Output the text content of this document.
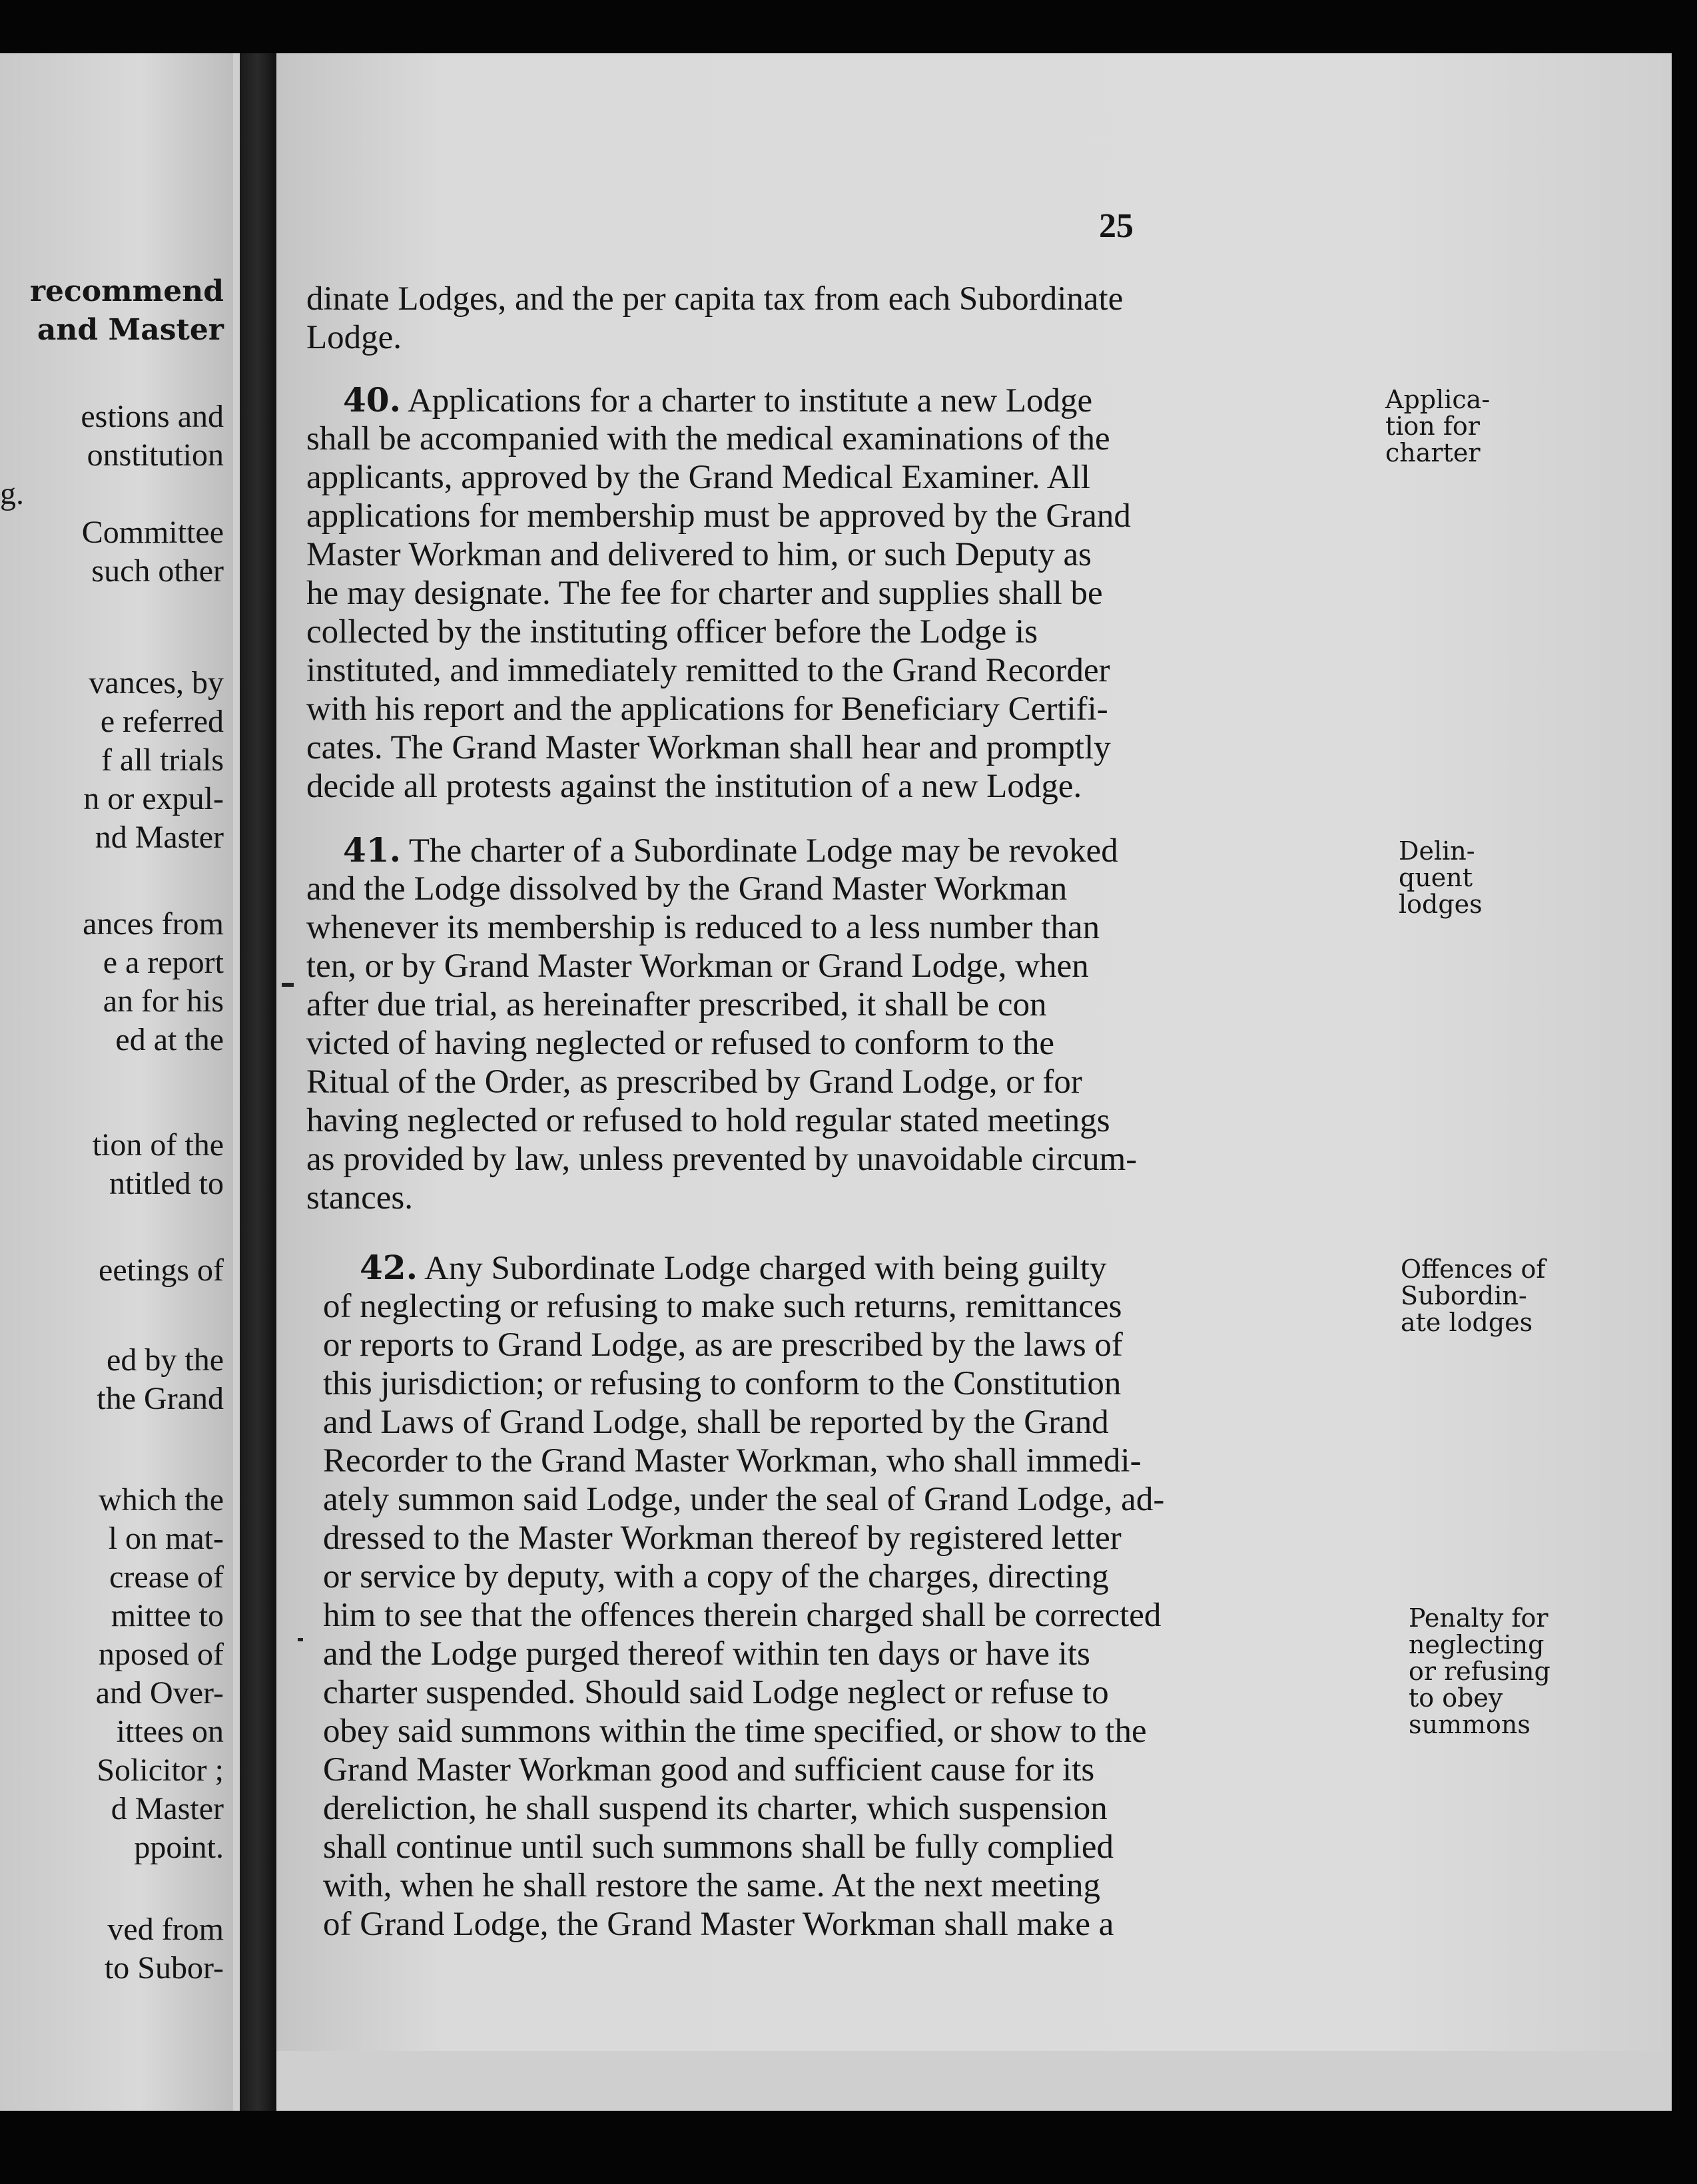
recommend
and Master
estions and
onstitution
g.
Committee
such other
vances, by
e referred
f all trials
n or expul-
nd Master
ances from
e a report
an for his
ed at the
tion of the
ntitled to
eetings of
ed by the
the Grand
which the
l on mat-
crease of
mittee to
nposed of
and Over-
ittees on
Solicitor ;
d Master
ppoint.
ved from
to Subor-
25
dinate Lodges, and the per capita tax from each Subordinate
Lodge.
40. Applications for a charter to institute a new Lodge
shall be accompanied with the medical examinations of the
applicants, approved by the Grand Medical Examiner. All
applications for membership must be approved by the Grand
Master Workman and delivered to him, or such Deputy as
he may designate. The fee for charter and supplies shall be
collected by the instituting officer before the Lodge is
instituted, and immediately remitted to the Grand Recorder
with his report and the applications for Beneficiary Certifi-
cates. The Grand Master Workman shall hear and promptly
decide all protests against the institution of a new Lodge.
Applica-
tion for
charter
41. The charter of a Subordinate Lodge may be revoked
and the Lodge dissolved by the Grand Master Workman
whenever its membership is reduced to a less number than
ten, or by Grand Master Workman or Grand Lodge, when
after due trial, as hereinafter prescribed, it shall be con
victed of having neglected or refused to conform to the
Ritual of the Order, as prescribed by Grand Lodge, or for
having neglected or refused to hold regular stated meetings
as provided by law, unless prevented by unavoidable circum-
stances.
Delin-
quent
lodges
42. Any Subordinate Lodge charged with being guilty
of neglecting or refusing to make such returns, remittances
or reports to Grand Lodge, as are prescribed by the laws of
this jurisdiction; or refusing to conform to the Constitution
and Laws of Grand Lodge, shall be reported by the Grand
Recorder to the Grand Master Workman, who shall immedi-
ately summon said Lodge, under the seal of Grand Lodge, ad-
dressed to the Master Workman thereof by registered letter
or service by deputy, with a copy of the charges, directing
him to see that the offences therein charged shall be corrected
and the Lodge purged thereof within ten days or have its
charter suspended. Should said Lodge neglect or refuse to
obey said summons within the time specified, or show to the
Grand Master Workman good and sufficient cause for its
dereliction, he shall suspend its charter, which suspension
shall continue until such summons shall be fully complied
with, when he shall restore the same. At the next meeting
of Grand Lodge, the Grand Master Workman shall make a
Offences of
Subordin-
ate lodges
Penalty for
neglecting
or refusing
to obey
summons
